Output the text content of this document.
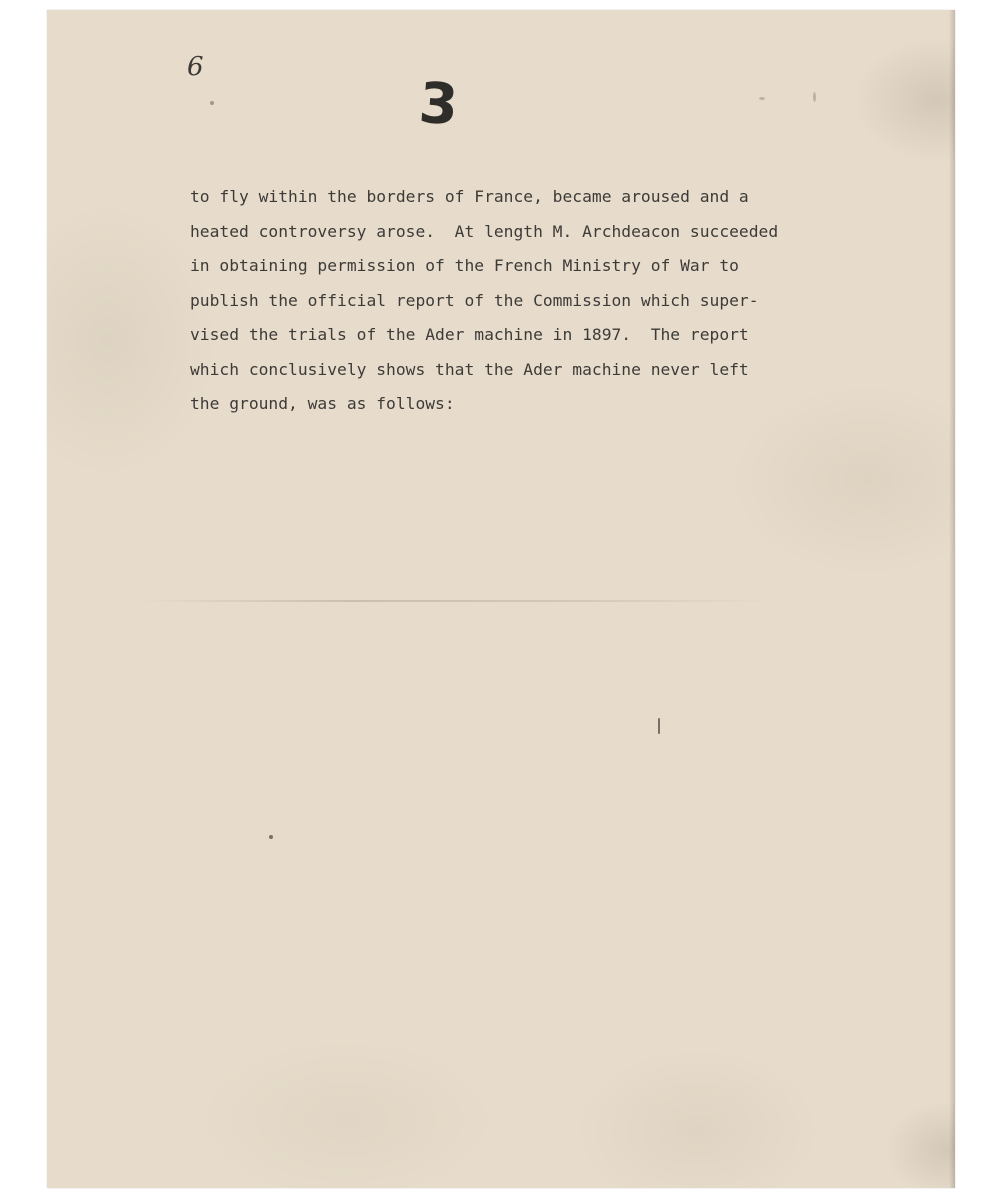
6
3
to fly within the borders of France, became aroused and a
heated controversy arose.  At length M. Archdeacon succeeded
in obtaining permission of the French Ministry of War to
publish the official report of the Commission which super-
vised the trials of the Ader machine in 1897.  The report
which conclusively shows that the Ader machine never left
the ground, was as follows:
